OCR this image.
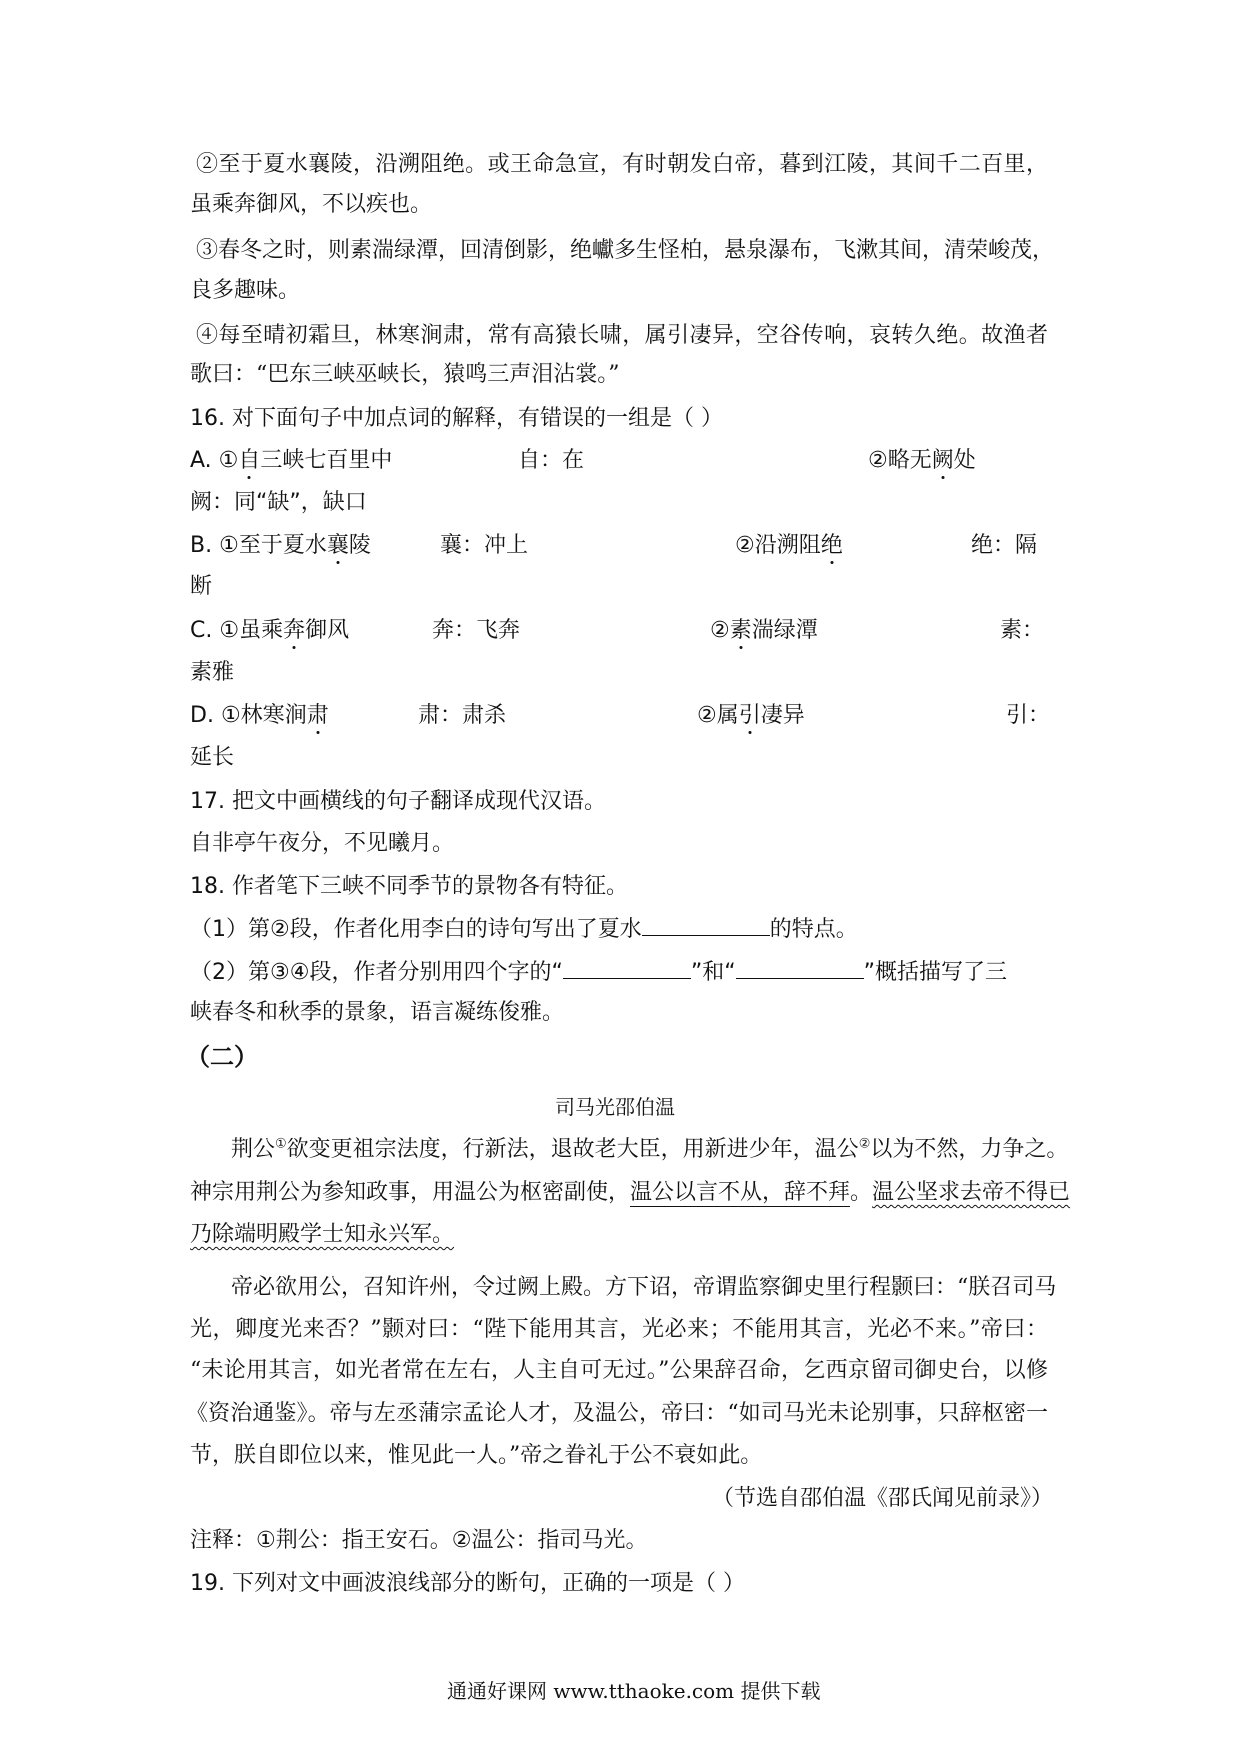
②至于夏水襄陵，沿溯阻绝。或王命急宣，有时朝发白帝，暮到江陵，其间千二百里，
虽乘奔御风，不以疾也。
③春冬之时，则素湍绿潭，回清倒影，绝巘多生怪柏，悬泉瀑布，飞漱其间，清荣峻茂，
良多趣味。
④每至晴初霜旦，林寒涧肃，常有高猿长啸，属引凄异，空谷传响，哀转久绝。故渔者
歌曰：“巴东三峡巫峡长，猿鸣三声泪沾裳。”
16. 对下面句子中加点词的解释，有错误的一组是（ ）
A. ①自三峡七百里中	自：在	②略无阙处
阙：同“缺”，缺口
B. ①至于夏水襄陵	襄：冲上	②沿溯阻绝	绝：隔
断
C. ①虽乘奔御风	奔：飞奔	②素湍绿潭	素：
素雅
D. ①林寒涧肃	肃：肃杀	②属引凄异	引：
延长
17. 把文中画横线的句子翻译成现代汉语。
自非亭午夜分，不见曦月。
18. 作者笔下三峡不同季节的景物各有特征。
（1）第②段，作者化用李白的诗句写出了夏水	的特点。
（2）第③④段，作者分别用四个字的“	”和“	”概括描写了三
峡春冬和秋季的景象，语言凝练俊雅。
（二）
司马光邵伯温
荆公①欲变更祖宗法度，行新法，退故老大臣，用新进少年，温公②以为不然，力争之。
神宗用荆公为参知政事，用温公为枢密副使，温公以言不从，辞不拜。温公坚求去帝不得已
乃除端明殿学士知永兴军。
帝必欲用公，召知许州，令过阙上殿。方下诏，帝谓监察御史里行程颢曰：“朕召司马
光，卿度光来否？”颢对曰：“陛下能用其言，光必来；不能用其言，光必不来。”帝曰：
“未论用其言，如光者常在左右，人主自可无过。”公果辞召命，乞西京留司御史台，以修
《资治通鉴》。帝与左丞蒲宗孟论人才，及温公，帝曰：“如司马光未论别事，只辞枢密一
节，朕自即位以来，惟见此一人。”帝之眷礼于公不衰如此。
（节选自邵伯温《邵氏闻见前录》）
注释：①荆公：指王安石。②温公：指司马光。
19. 下列对文中画波浪线部分的断句，正确的一项是（ ）
通通好课网 www.tthaoke.com 提供下载
